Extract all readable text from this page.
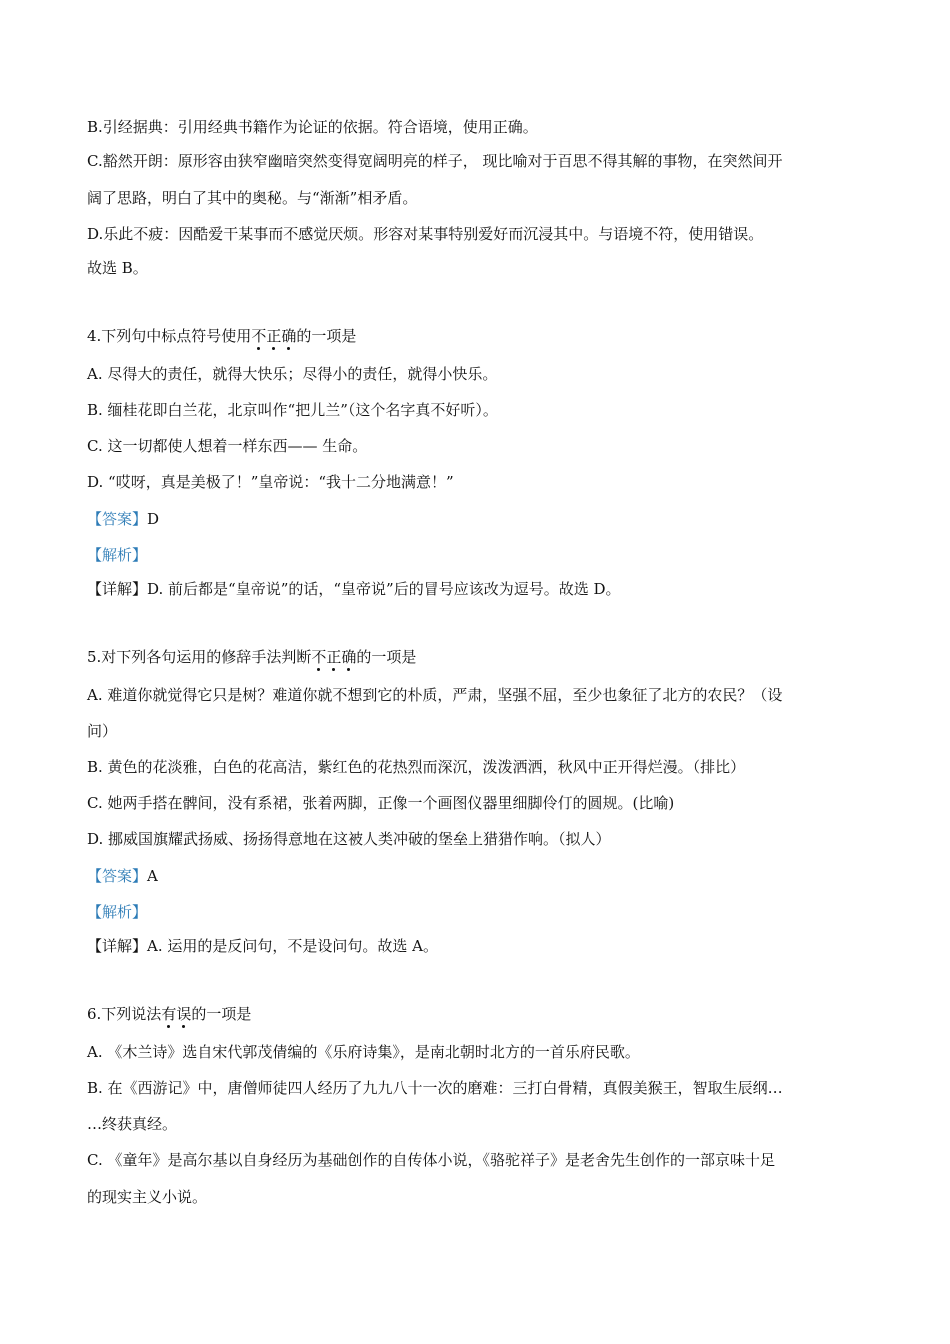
B.引经据典：引用经典书籍作为论证的依据。符合语境，使用正确。
C.豁然开朗：原形容由狭窄幽暗突然变得宽阔明亮的样子， 现比喻对于百思不得其解的事物，在突然间开
阔了思路，明白了其中的奥秘。与“渐渐”相矛盾。
D.乐此不疲：因酷爱干某事而不感觉厌烦。形容对某事特别爱好而沉浸其中。与语境不符，使用错误。
故选 B。
4.下列句中标点符号使用不正确的一项是
A. 尽得大的责任，就得大快乐；尽得小的责任，就得小快乐。
B. 缅桂花即白兰花，北京叫作“把儿兰”（这个名字真不好听）。
C. 这一切都使人想着一样东西—— 生命。
D. “哎呀，真是美极了！”皇帝说：“我十二分地满意！”
【答案】D
【解析】
【详解】D. 前后都是“皇帝说”的话，“皇帝说”后的冒号应该改为逗号。故选 D。
5.对下列各句运用的修辞手法判断不正确的一项是
A. 难道你就觉得它只是树？难道你就不想到它的朴质，严肃，坚强不屈，至少也象征了北方的农民？（设
问）
B. 黄色的花淡雅，白色的花高洁，紫红色的花热烈而深沉，泼泼洒洒，秋风中正开得烂漫。（排比）
C. 她两手搭在髀间，没有系裙，张着两脚，正像一个画图仪器里细脚伶仃的圆规。(比喻)
D. 挪威国旗耀武扬威、扬扬得意地在这被人类冲破的堡垒上猎猎作响。（拟人）
【答案】A
【解析】
【详解】A. 运用的是反问句，不是设问句。故选 A。
6.下列说法有误的一项是
A. 《木兰诗》选自宋代郭茂倩编的《乐府诗集》，是南北朝时北方的一首乐府民歌。
B. 在《西游记》中，唐僧师徒四人经历了九九八十一次的磨难：三打白骨精，真假美猴王，智取生辰纲…
…终获真经。
C. 《童年》是高尔基以自身经历为基础创作的自传体小说，《骆驼祥子》是老舍先生创作的一部京味十足
的现实主义小说。
